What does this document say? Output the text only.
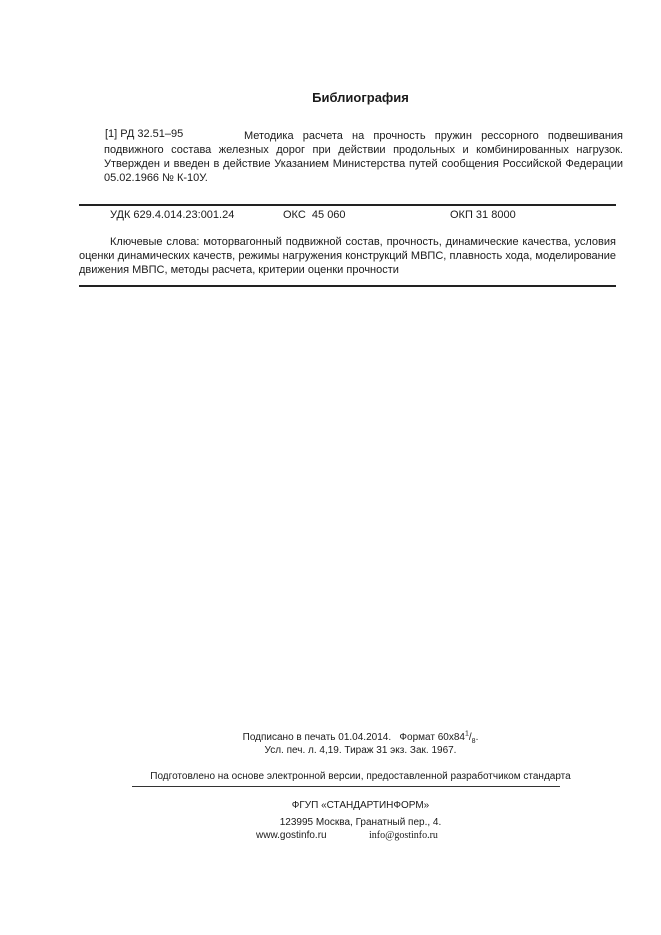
Библиография
Методика расчета на прочность пружин рессорного подвешивания подвижного состава железных дорог при действии продольных и комбинированных нагрузок. Утвержден и введен в действие Указанием Министерства путей сообщения Российской Федерации 05.02.1966 № К-10У.
[1] РД 32.51–95
УДК 629.4.014.23:001.24	ОКС  45 060	ОКП 31 8000
Ключевые слова: моторвагонный подвижной состав, прочность, динамические качества, условия оценки динамических качеств, режимы нагружения конструкций МВПС, плавность хода, моделирование движения МВПС, методы расчета, критерии оценки прочности
Подписано в печать 01.04.2014.   Формат $60x84^1/_8$.
Усл. печ. л. 4,19. Тираж 31 экз. Зак. 1967.
Подготовлено на основе электронной версии, предоставленной разработчиком стандарта
ФГУП «СТАНДАРТИНФОРМ»
123995 Москва, Гранатный пер., 4.
www.gostinfo.ru	info@gostinfo.ru
